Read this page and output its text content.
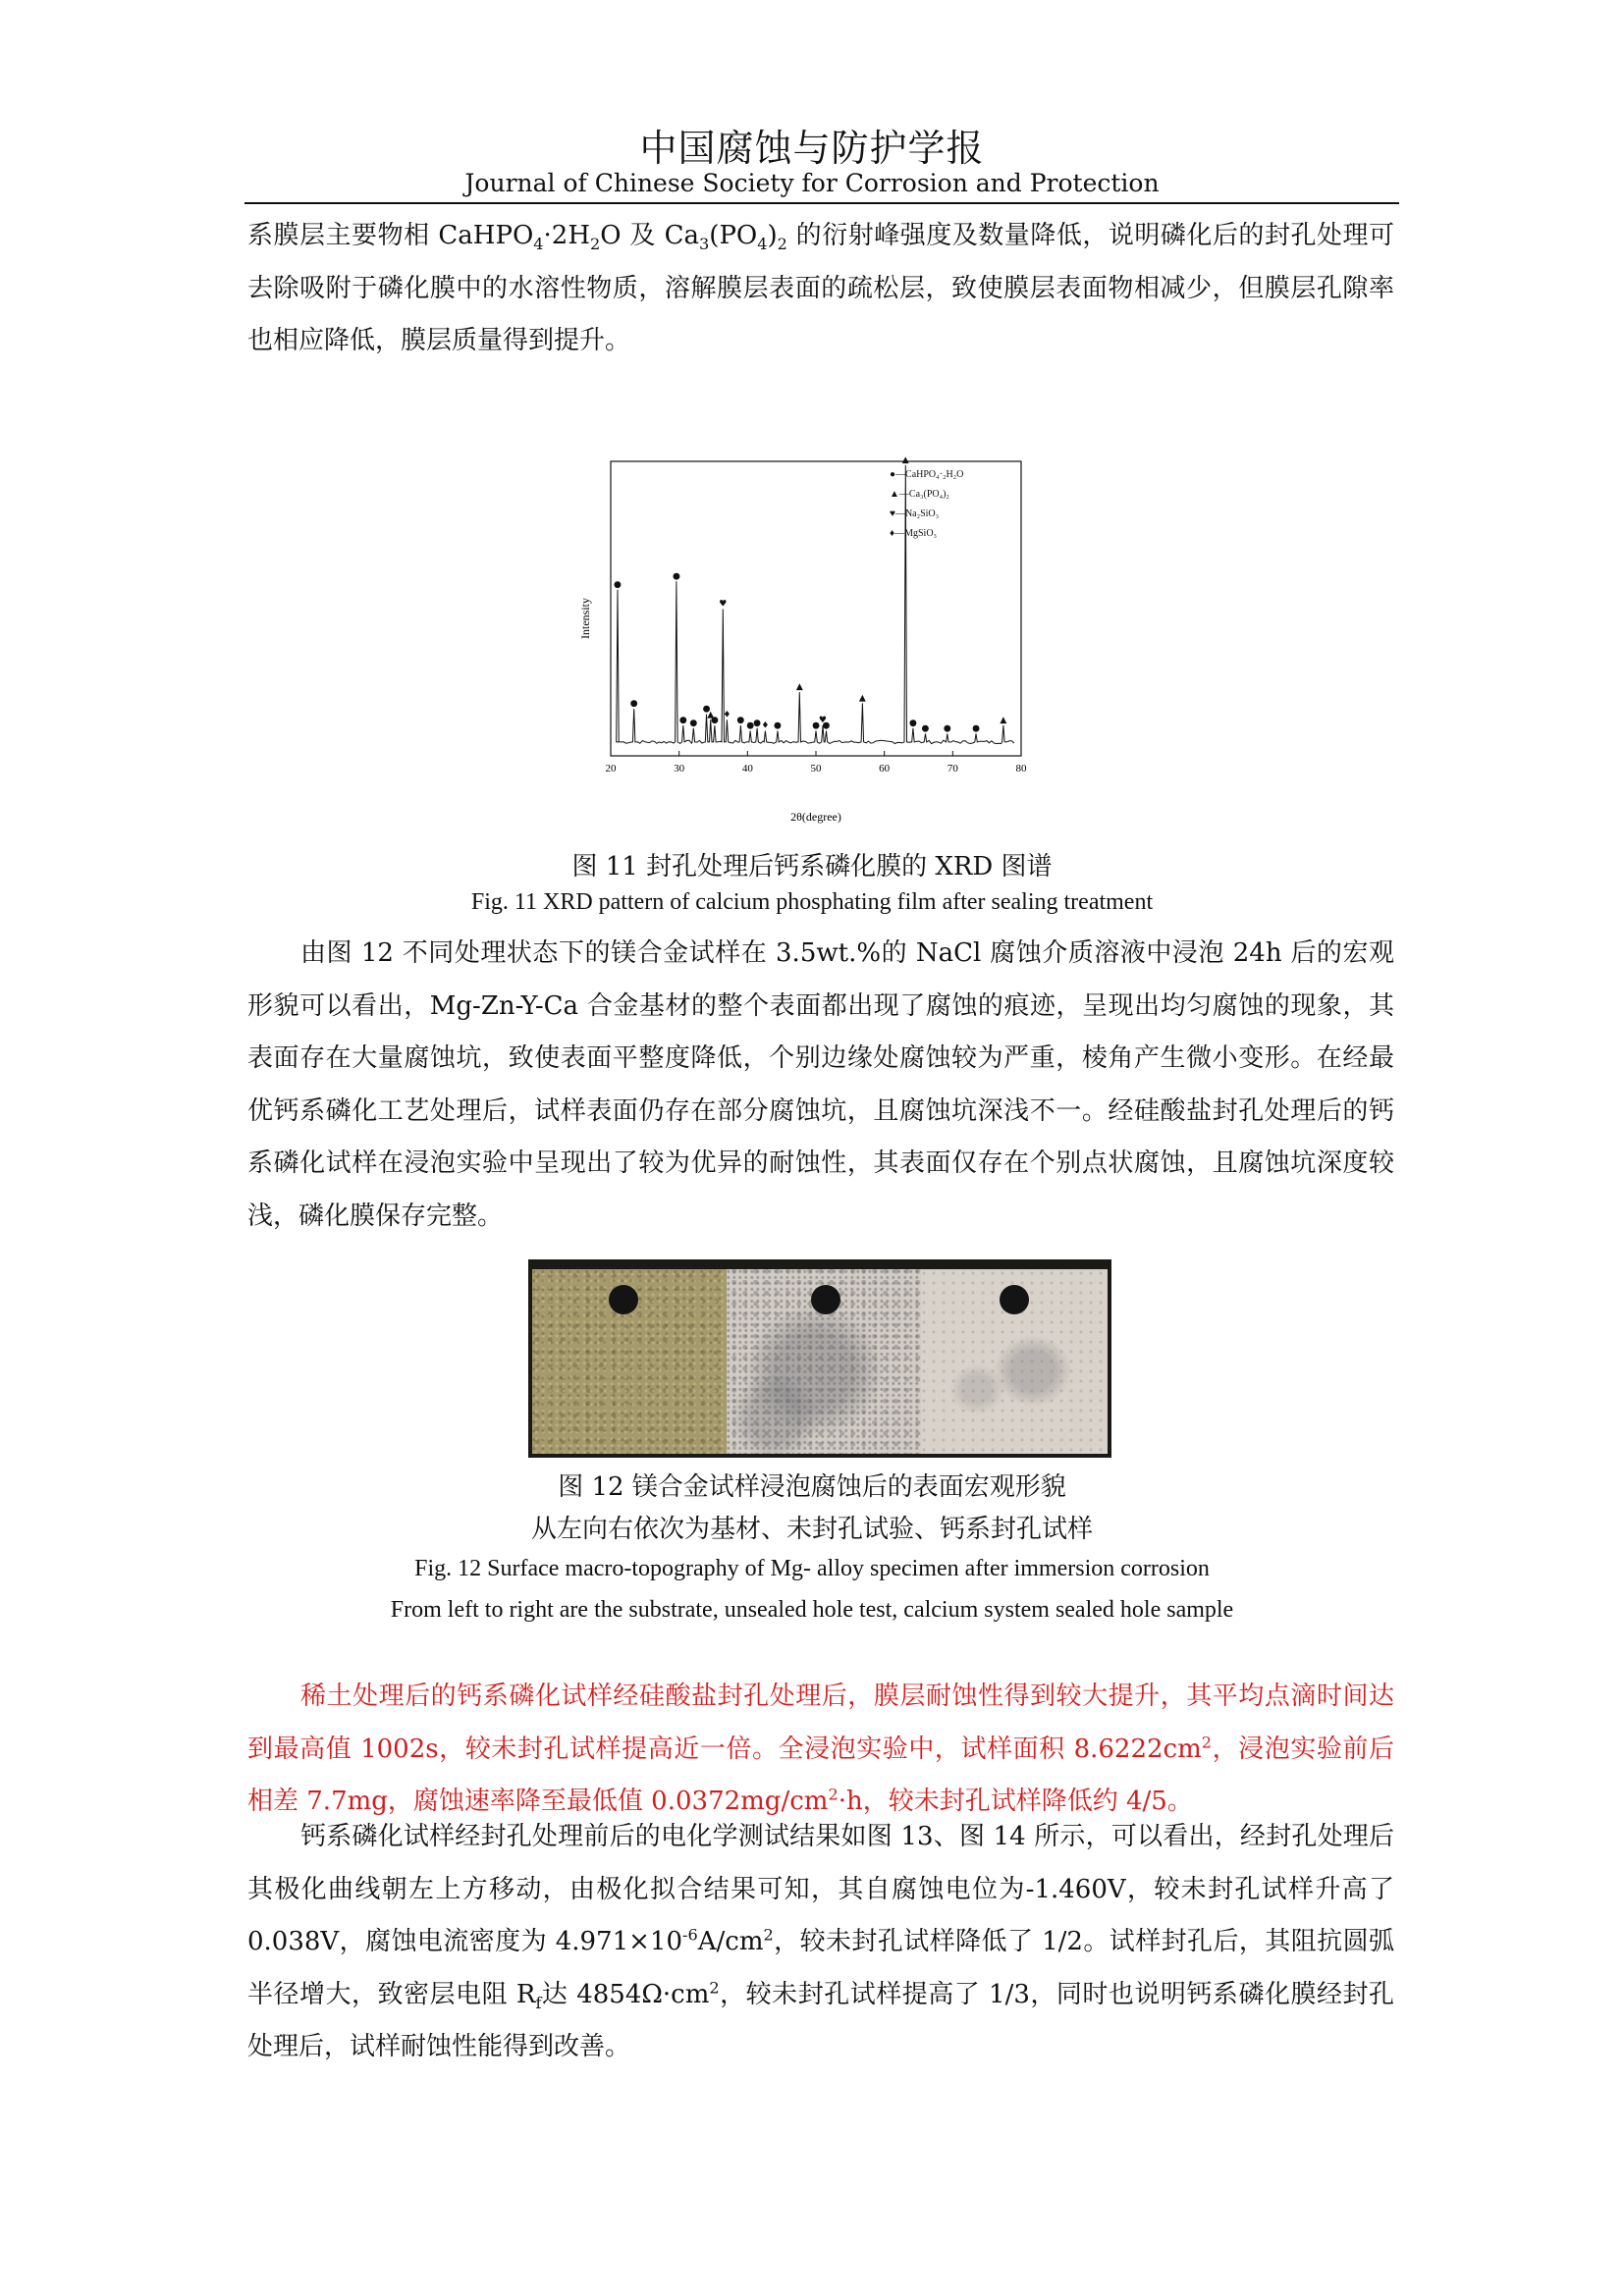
中国腐蚀与防护学报
Journal of Chinese Society for Corrosion and Protection

系膜层主要物相 $CaHPO_4\cdot 2H_2O$ 及 $Ca_3(PO_4)_2$ 的衍射峰强度及数量降低，说明磷化后的封孔处理可去除吸附于磷化膜中的水溶性物质，溶解膜层表面的疏松层，致使膜层表面物相减少，但膜层孔隙率也相应降低，膜层质量得到提升。

Intensity
20	30	40	50	60	70	80
●
●
●
● ●
●
▲
●
♥
♦
●
● ● ♦ ●
▲
●
♥
●
▲
▲
●
● ● ●
▲
●—CaHPO₄·₂H₂O
▲—Ca₃(PO₄)₂
♥—Na₂SiO₃
♦—MgSiO₃
2θ(degree)
图 11 封孔处理后钙系磷化膜的 XRD 图谱
Fig. 11 XRD pattern of calcium phosphating film after sealing treatment

由图 12 不同处理状态下的镁合金试样在 3.5wt.%的 NaCl 腐蚀介质溶液中浸泡 24h 后的宏观形貌可以看出，Mg-Zn-Y-Ca 合金基材的整个表面都出现了腐蚀的痕迹，呈现出均匀腐蚀的现象，其表面存在大量腐蚀坑，致使表面平整度降低，个别边缘处腐蚀较为严重，棱角产生微小变形。在经最优钙系磷化工艺处理后，试样表面仍存在部分腐蚀坑，且腐蚀坑深浅不一。经硅酸盐封孔处理后的钙系磷化试样在浸泡实验中呈现出了较为优异的耐蚀性，其表面仅存在个别点状腐蚀，且腐蚀坑深度较浅，磷化膜保存完整。

图 12 镁合金试样浸泡腐蚀后的表面宏观形貌
从左向右依次为基材、未封孔试验、钙系封孔试样
Fig. 12 Surface macro-topography of Mg- alloy specimen after immersion corrosion
From left to right are the substrate, unsealed hole test, calcium system sealed hole sample

稀土处理后的钙系磷化试样经硅酸盐封孔处理后，膜层耐蚀性得到较大提升，其平均点滴时间达到最高值 1002s，较未封孔试样提高近一倍。全浸泡实验中，试样面积 $8.6222cm^2$，浸泡实验前后相差 7.7mg，腐蚀速率降至最低值 $0.0372mg/cm^2\cdot h$，较未封孔试样降低约 4/5。

钙系磷化试样经封孔处理前后的电化学测试结果如图 13、图 14 所示，可以看出，经封孔处理后其极化曲线朝左上方移动，由极化拟合结果可知，其自腐蚀电位为-1.460V，较未封孔试样升高了 0.038V，腐蚀电流密度为 $4.971\times 10^{-6}A/cm^2$，较未封孔试样降低了 1/2。试样封孔后，其阻抗圆弧半径增大，致密层电阻 $R_f$达 $4854\Omega\cdot cm^2$，较未封孔试样提高了 1/3，同时也说明钙系磷化膜经封孔处理后，试样耐蚀性能得到改善。
